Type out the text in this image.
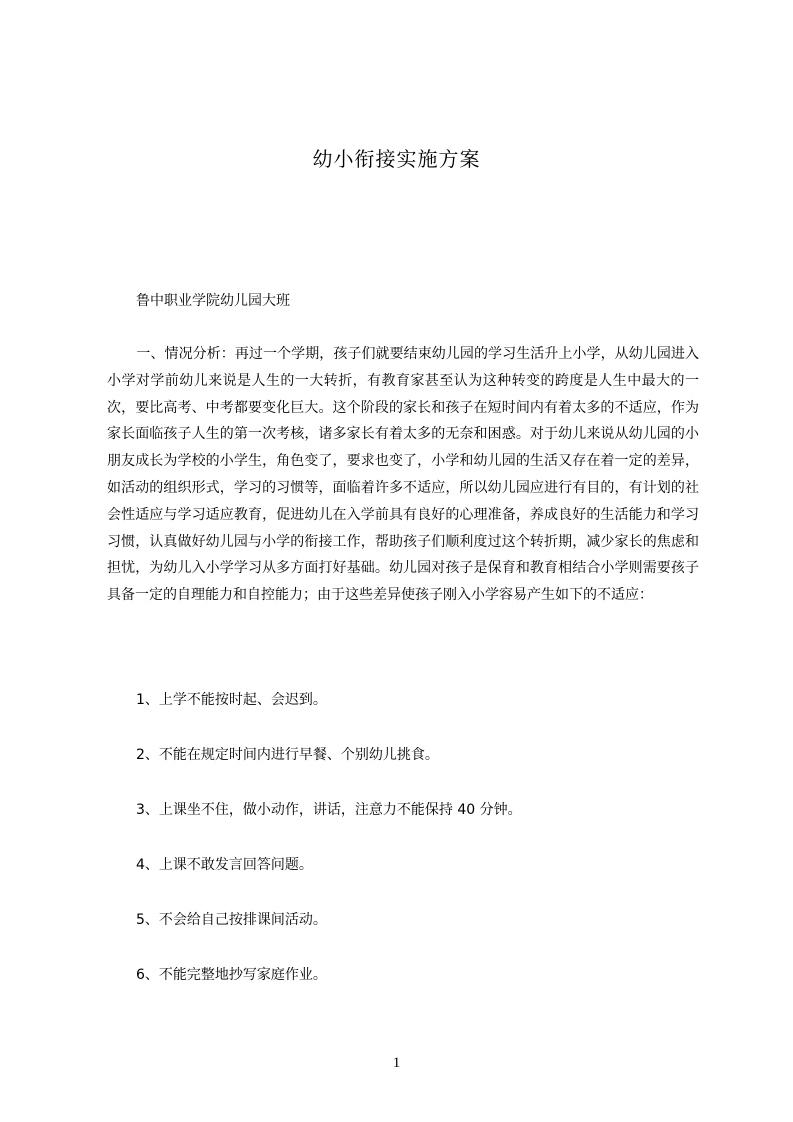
幼小衔接实施方案
鲁中职业学院幼儿园大班
一、情况分析：再过一个学期，孩子们就要结束幼儿园的学习生活升上小学，从幼儿园进入小学对学前幼儿来说是人生的一大转折，有教育家甚至认为这种转变的跨度是人生中最大的一次，要比高考、中考都要变化巨大。这个阶段的家长和孩子在短时间内有着太多的不适应，作为家长面临孩子人生的第一次考核，诸多家长有着太多的无奈和困惑。对于幼儿来说从幼儿园的小朋友成长为学校的小学生，角色变了，要求也变了，小学和幼儿园的生活又存在着一定的差异，如活动的组织形式，学习的习惯等，面临着许多不适应，所以幼儿园应进行有目的，有计划的社会性适应与学习适应教育，促进幼儿在入学前具有良好的心理准备，养成良好的生活能力和学习习惯，认真做好幼儿园与小学的衔接工作，帮助孩子们顺利度过这个转折期，减少家长的焦虑和担忧，为幼儿入小学学习从多方面打好基础。幼儿园对孩子是保育和教育相结合小学则需要孩子具备一定的自理能力和自控能力；由于这些差异使孩子刚入小学容易产生如下的不适应：
1、上学不能按时起、会迟到。
2、不能在规定时间内进行早餐、个别幼儿挑食。
3、上课坐不住，做小动作，讲话，注意力不能保持 40 分钟。
4、上课不敢发言回答问题。
5、不会给自己按排课间活动。
6、不能完整地抄写家庭作业。
1
